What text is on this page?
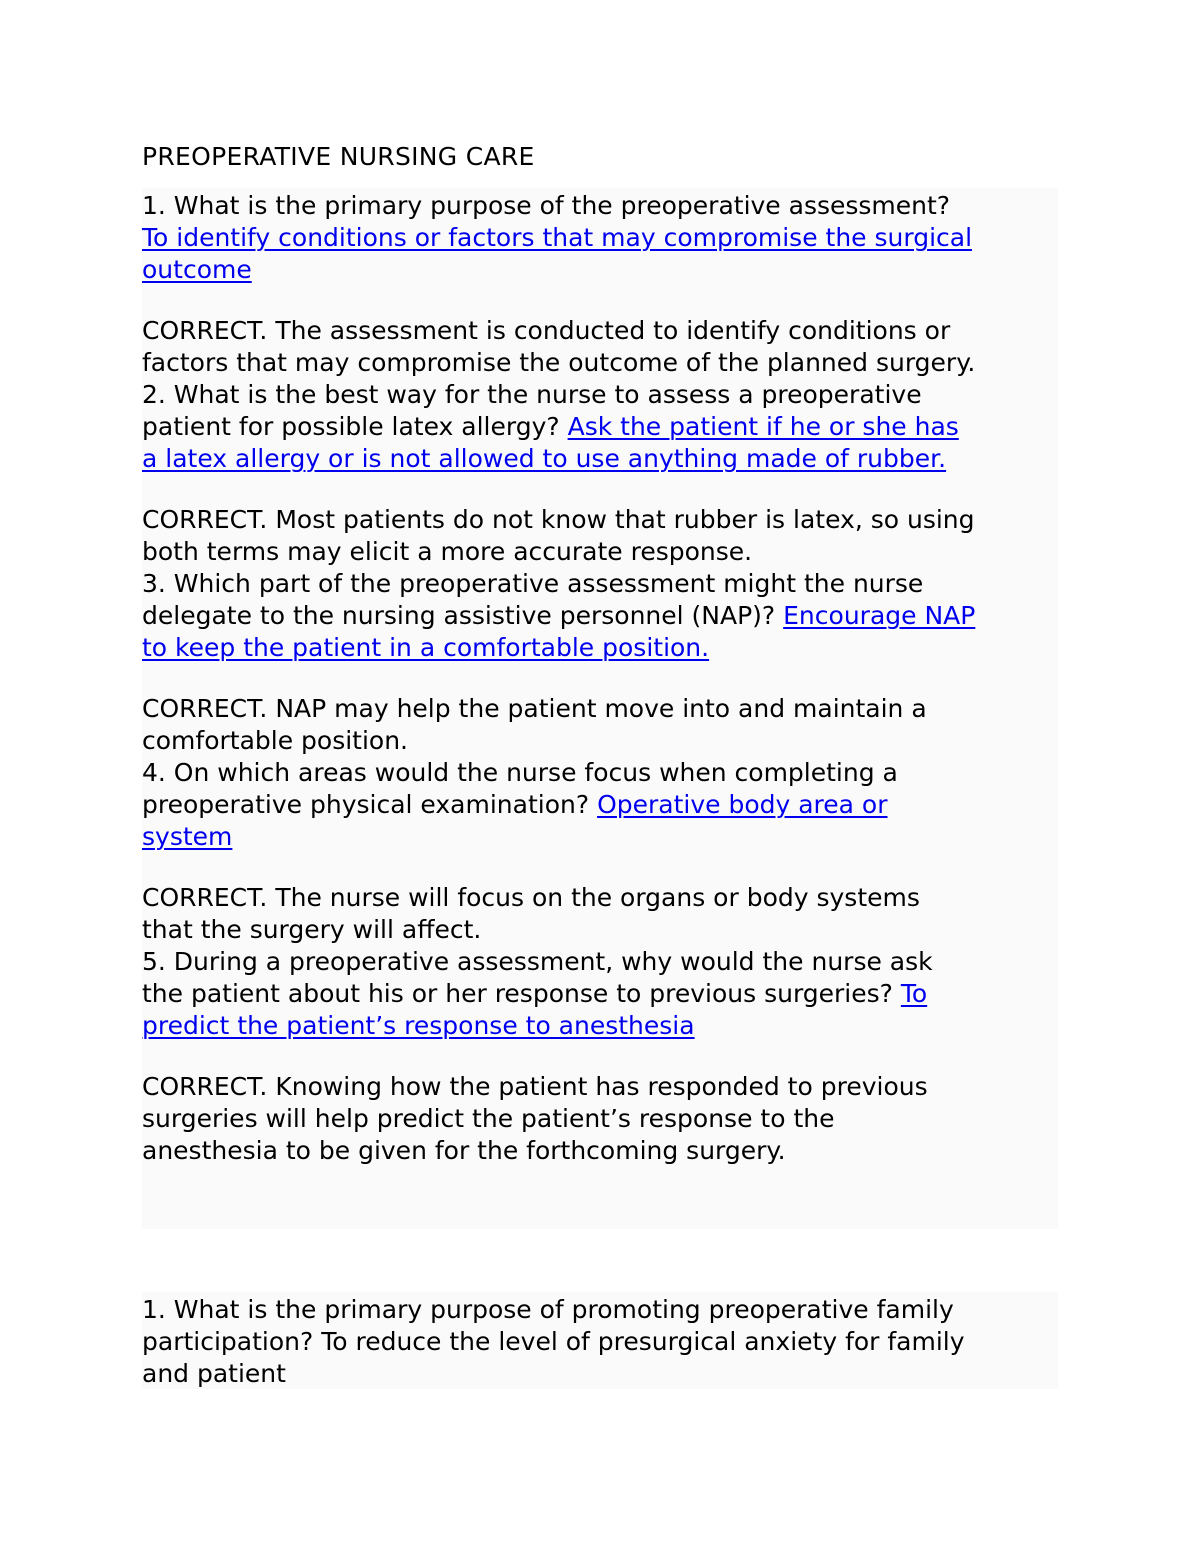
PREOPERATIVE NURSING CARE
1. What is the primary purpose of the preoperative assessment?
To identify conditions or factors that may compromise the surgical
outcome
CORRECT. The assessment is conducted to identify conditions or
factors that may compromise the outcome of the planned surgery.
2. What is the best way for the nurse to assess a preoperative
patient for possible latex allergy? Ask the patient if he or she has
a latex allergy or is not allowed to use anything made of rubber.
CORRECT. Most patients do not know that rubber is latex, so using
both terms may elicit a more accurate response.
3. Which part of the preoperative assessment might the nurse
delegate to the nursing assistive personnel (NAP)? Encourage NAP
to keep the patient in a comfortable position.
CORRECT. NAP may help the patient move into and maintain a
comfortable position.
4. On which areas would the nurse focus when completing a
preoperative physical examination? Operative body area or
system
CORRECT. The nurse will focus on the organs or body systems
that the surgery will affect.
5. During a preoperative assessment, why would the nurse ask
the patient about his or her response to previous surgeries? To
predict the patient’s response to anesthesia
CORRECT. Knowing how the patient has responded to previous
surgeries will help predict the patient’s response to the
anesthesia to be given for the forthcoming surgery.
1. What is the primary purpose of promoting preoperative family
participation? To reduce the level of presurgical anxiety for family
and patient
